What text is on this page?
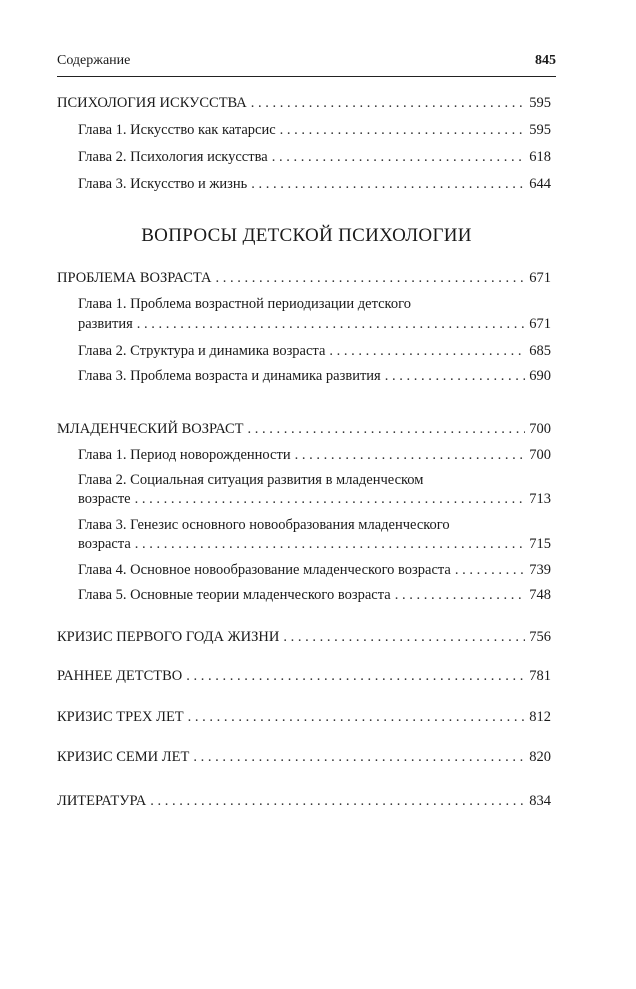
Содержание	845
ПСИХОЛОГИЯ ИСКУССТВА . . .	595
Глава 1. Искусство как катарсис . . .	595
Глава 2. Психология искусства . . .	618
Глава 3. Искусство и жизнь . . .	644
ВОПРОСЫ ДЕТСКОЙ ПСИХОЛОГИИ
ПРОБЛЕМА ВОЗРАСТА . . .	671
Глава 1. Проблема возрастной периодизации детского
развития . . .	671
Глава 2. Структура и динамика возраста . . .	685
Глава 3. Проблема возраста и динамика развития . . .	690
МЛАДЕНЧЕСКИЙ ВОЗРАСТ . . .	700
Глава 1. Период новорожденности . . .	700
Глава 2. Социальная ситуация развития в младенческом
возрасте . . .	713
Глава 3. Генезис основного новообразования младенческого
возраста . . .	715
Глава 4. Основное новообразование младенческого возраста . . .	739
Глава 5. Основные теории младенческого возраста . . .	748
КРИЗИС ПЕРВОГО ГОДА ЖИЗНИ . . .	756
РАННЕЕ ДЕТСТВО . . .	781
КРИЗИС ТРЕХ ЛЕТ . . .	812
КРИЗИС СЕМИ ЛЕТ . . .	820
ЛИТЕРАТУРА . . .	834
